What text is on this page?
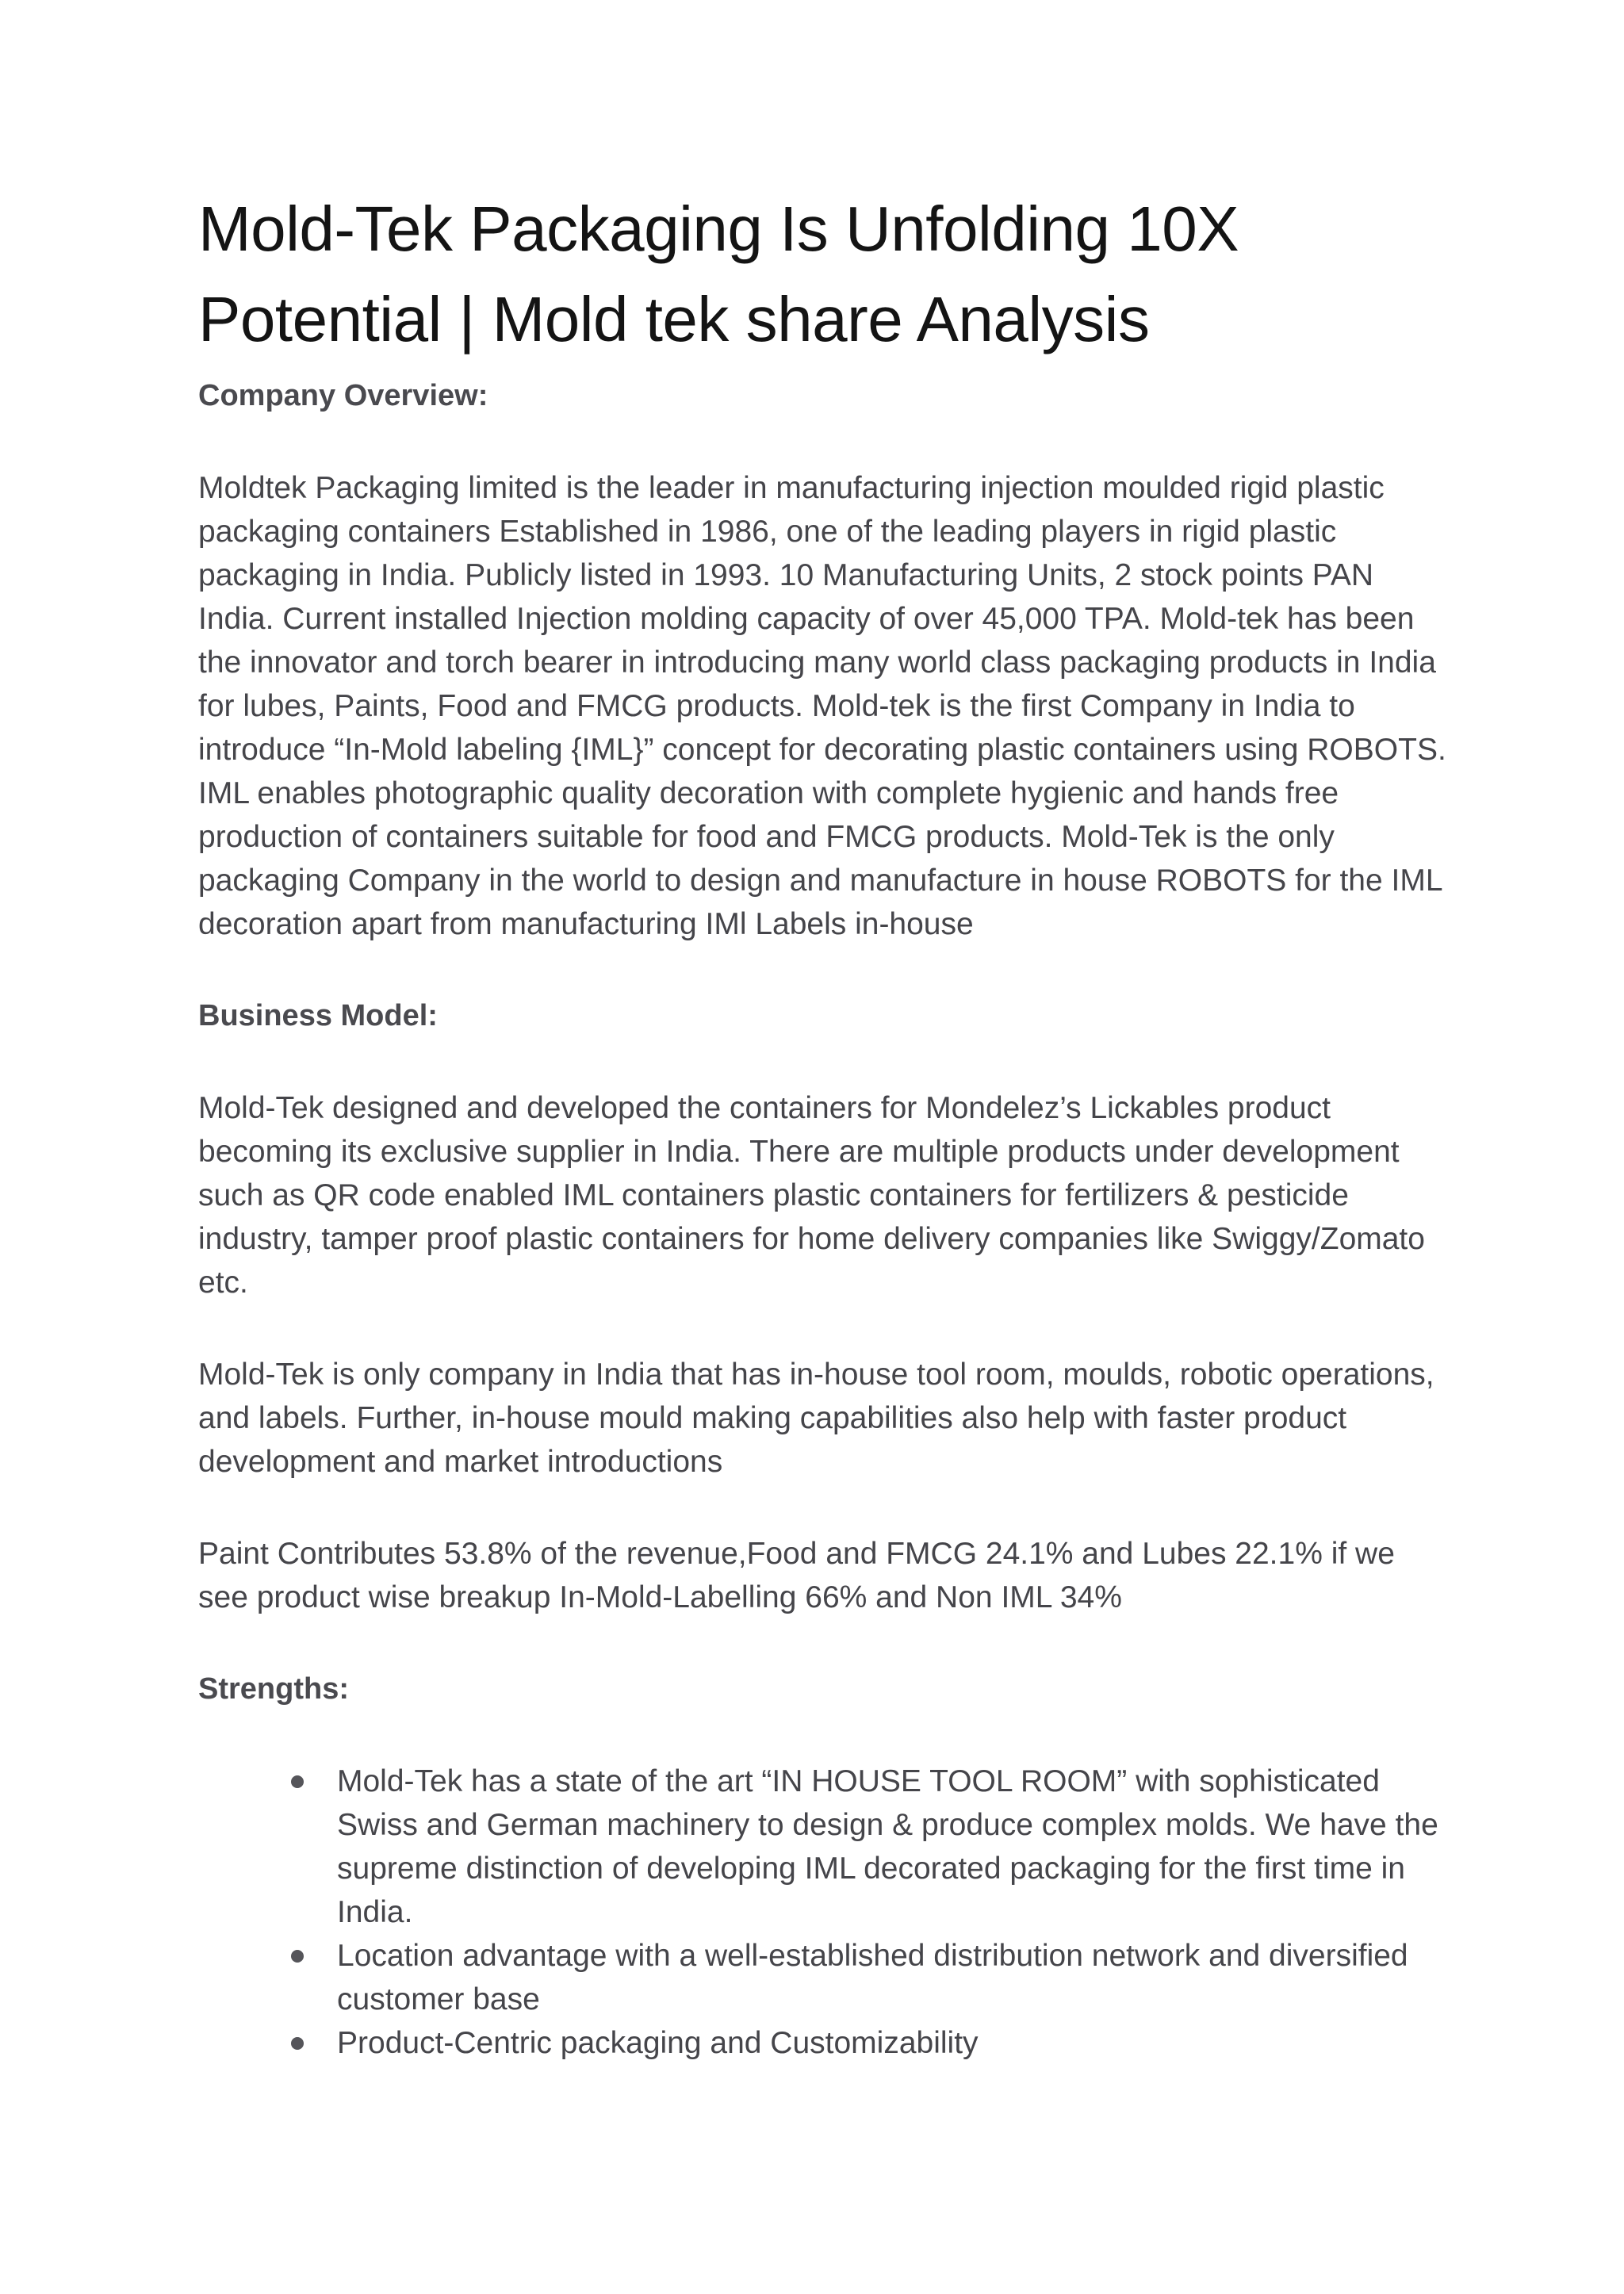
Mold-Tek Packaging Is Unfolding 10X Potential | Mold tek share Analysis

Company Overview:

Moldtek Packaging limited is the leader in manufacturing injection moulded rigid plastic packaging containers Established in 1986, one of the leading players in rigid plastic packaging in India. Publicly listed in 1993. 10 Manufacturing Units, 2 stock points PAN India. Current installed Injection molding capacity of over 45,000 TPA. Mold-tek has been the innovator and torch bearer in introducing many world class packaging products in India for lubes, Paints, Food and FMCG products. Mold-tek is the first Company in India to introduce “In-Mold labeling {IML}” concept for decorating plastic containers using ROBOTS. IML enables photographic quality decoration with complete hygienic and hands free production of containers suitable for food and FMCG products. Mold-Tek is the only packaging Company in the world to design and manufacture in house ROBOTS for the IML decoration apart from manufacturing IMl Labels in-house

Business Model:

Mold-Tek designed and developed the containers for Mondelez’s Lickables product becoming its exclusive supplier in India. There are multiple products under development such as QR code enabled IML containers plastic containers for fertilizers & pesticide industry, tamper proof plastic containers for home delivery companies like Swiggy/Zomato etc.

Mold-Tek is only company in India that has in-house tool room, moulds, robotic operations, and labels. Further, in-house mould making capabilities also help with faster product development and market introductions

Paint Contributes 53.8% of the revenue,Food and FMCG 24.1% and Lubes 22.1% if we see product wise breakup In-Mold-Labelling 66% and Non IML 34%

Strengths:

Mold-Tek has a state of the art “IN HOUSE TOOL ROOM” with sophisticated Swiss and German machinery to design & produce complex molds. We have the supreme distinction of developing IML decorated packaging for the first time in India.
Location advantage with a well-established distribution network and diversified customer base
Product-Centric packaging and Customizability
